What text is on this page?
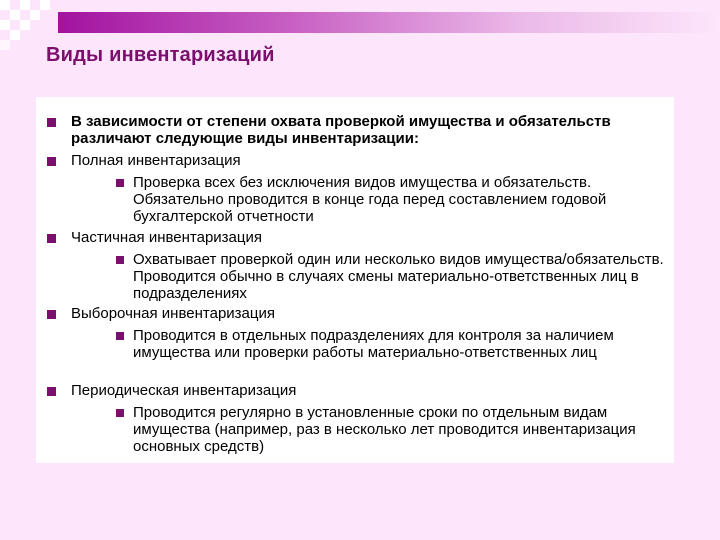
Виды инвентаризаций
В зависимости от степени охвата проверкой имущества и обязательств различают следующие виды инвентаризации:
Полная инвентаризация
Проверка всех без исключения видов имущества и обязательств. Обязательно проводится в конце года перед составлением годовой бухгалтерской отчетности
Частичная инвентаризация
Охватывает проверкой один или несколько видов имущества/обязательств. Проводится обычно в случаях смены материально-ответственных лиц в подразделениях
Выборочная инвентаризация
Проводится в отдельных подразделениях для контроля за наличием имущества или проверки работы материально-ответственных лиц
Периодическая инвентаризация
Проводится регулярно в установленные сроки по отдельным видам имущества (например, раз в несколько лет проводится инвентаризация основных средств)
